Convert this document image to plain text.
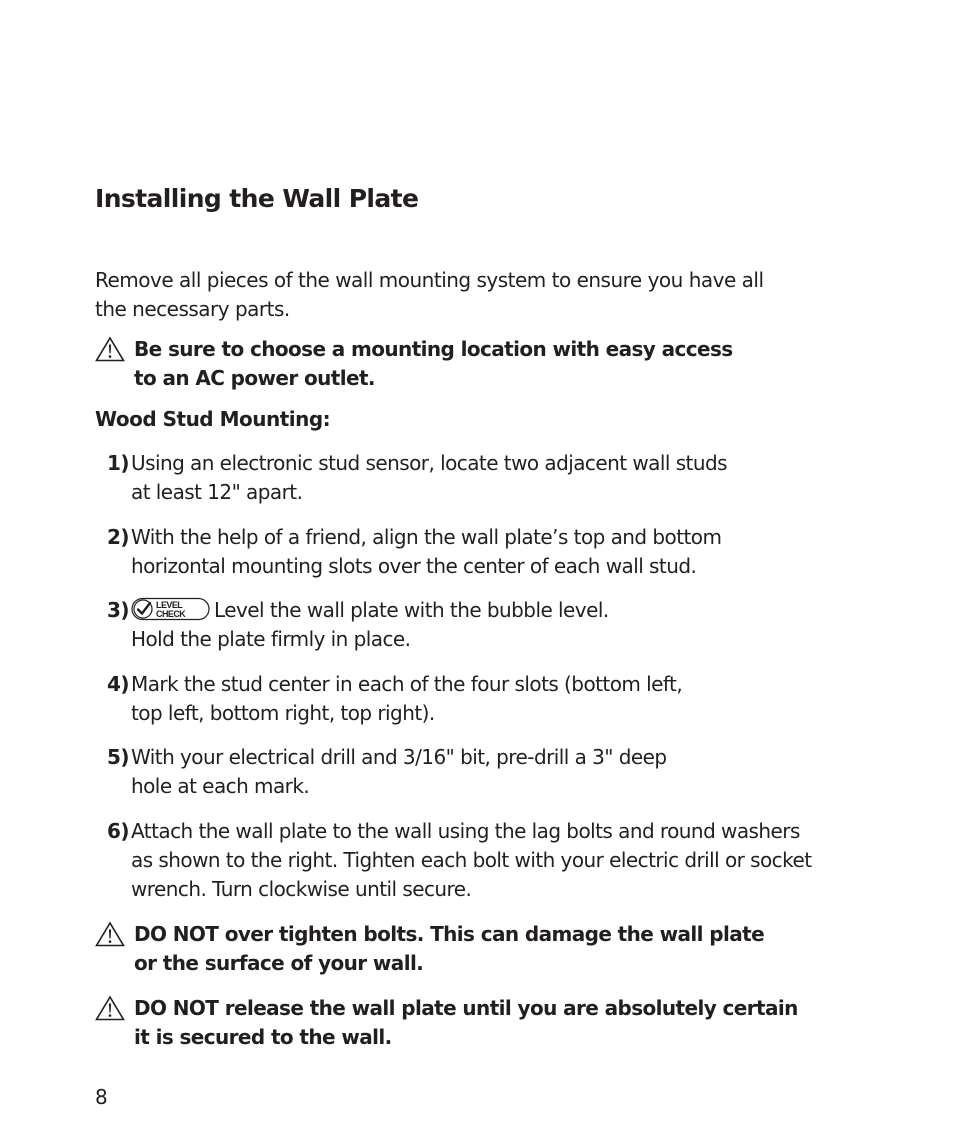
Installing the Wall Plate

Remove all pieces of the wall mounting system to ensure you have all
the necessary parts.

Be sure to choose a mounting location with easy access
to an AC power outlet.
Wood Stud Mounting:
1) Using an electronic stud sensor, locate two adjacent wall studs
at least 12" apart.
2) With the help of a friend, align the wall plate’s top and bottom
horizontal mounting slots over the center of each wall stud.
3)	LEVEL
CHECK Level the wall plate with the bubble level.
Hold the plate firmly in place.
4) Mark the stud center in each of the four slots (bottom left,
top left, bottom right, top right).
5) With your electrical drill and 3/16" bit, pre-drill a 3" deep
hole at each mark.
6) Attach the wall plate to the wall using the lag bolts and round washers
as shown to the right. Tighten each bolt with your electric drill or socket
wrench. Turn clockwise until secure.
DO NOT over tighten bolts. This can damage the wall plate
or the surface of your wall.
DO NOT release the wall plate until you are absolutely certain
it is secured to the wall.

8
